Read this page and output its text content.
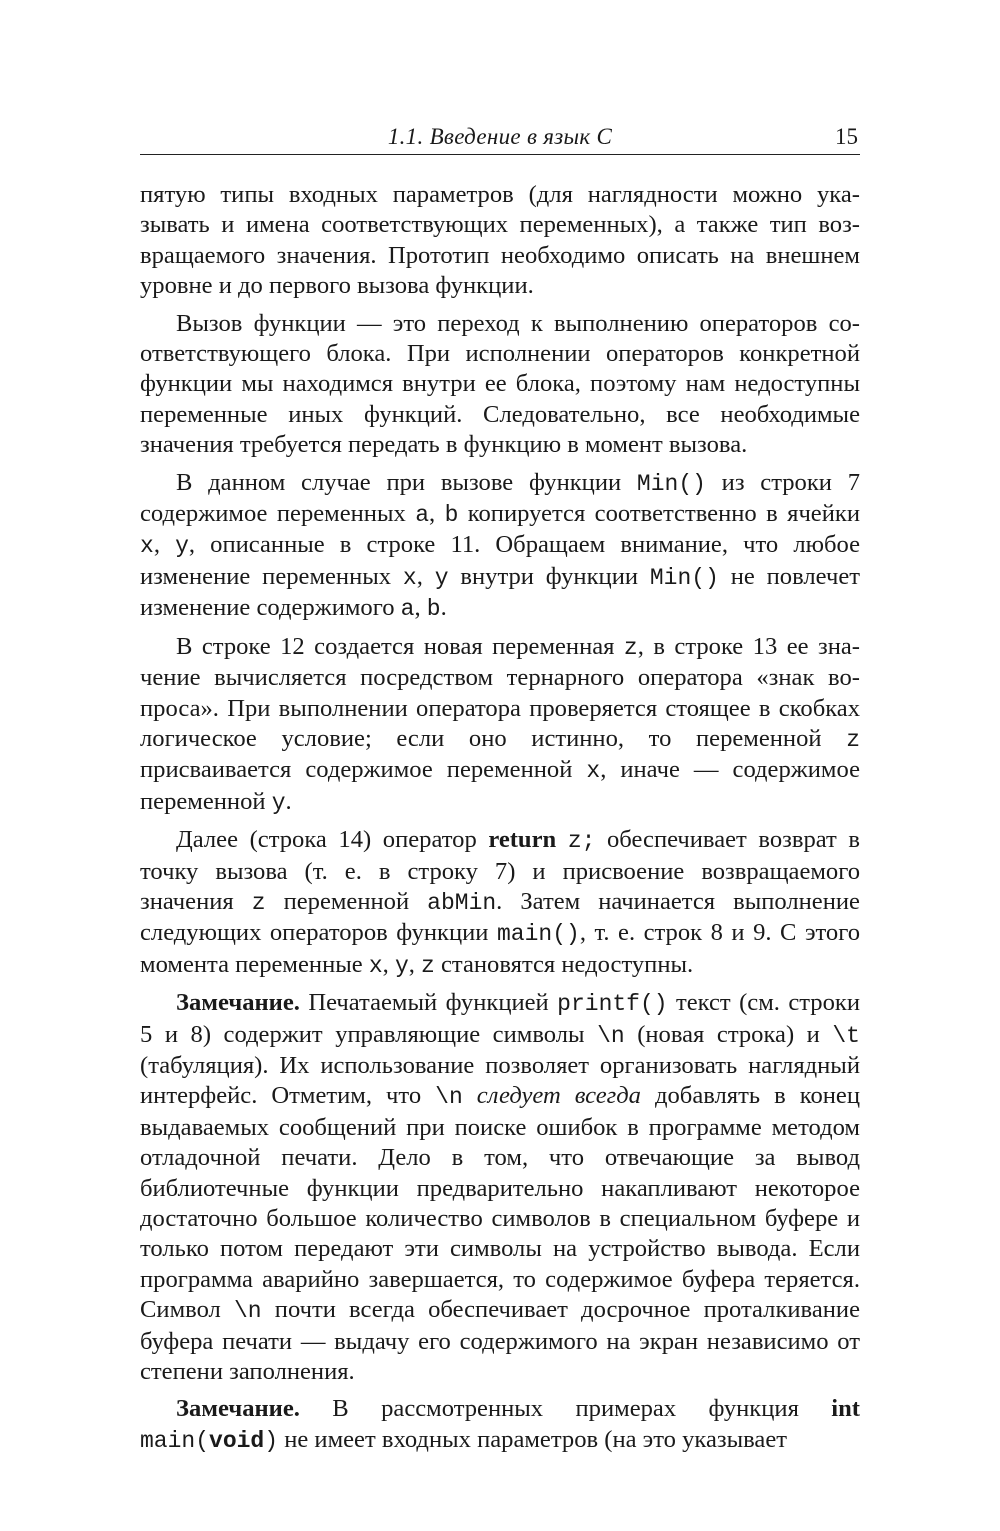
1.1. Введение в язык С	15

пятую типы входных параметров (для наглядности можно указывать и имена соответствующих переменных), а также тип возвращаемого значения. Прототип необходимо описать на внешнем уровне и до первого вызова функции.

Вызов функции — это переход к выполнению операторов соответствующего блока. При исполнении операторов конкретной функции мы находимся внутри ее блока, поэтому нам недоступны переменные иных функций. Следовательно, все необходимые значения требуется передать в функцию в момент вызова.

В данном случае при вызове функции Min() из строки 7 содержимое переменных a, b копируется соответственно в ячейки x, y, описанные в строке 11. Обращаем внимание, что любое изменение переменных x, y внутри функции Min() не повлечет изменение содержимого a, b.

В строке 12 создается новая переменная z, в строке 13 ее значение вычисляется посредством тернарного оператора «знак вопроса». При выполнении оператора проверяется стоящее в скобках логическое условие; если оно истинно, то переменной z присваивается содержимое переменной x, иначе — содержимое переменной y.

Далее (строка 14) оператор return z; обеспечивает возврат в точку вызова (т. е. в строку 7) и присвоение возвращаемого значения z переменной abMin. Затем начинается выполнение следующих операторов функции main(), т. е. строк 8 и 9. С этого момента переменные x, y, z становятся недоступны.

Замечание. Печатаемый функцией printf() текст (см. строки 5 и 8) содержит управляющие символы \n (новая строка) и \t (табуляция). Их использование позволяет организовать наглядный интерфейс. Отметим, что \n следует всегда добавлять в конец выдаваемых сообщений при поиске ошибок в программе методом отладочной печати. Дело в том, что отвечающие за вывод библиотечные функции предварительно накапливают некоторое достаточно большое количество символов в специальном буфере и только потом передают эти символы на устройство вывода. Если программа аварийно завершается, то содержимое буфера теряется. Символ \n почти всегда обеспечивает досрочное проталкивание буфера печати — выдачу его содержимого на экран независимо от степени заполнения.

Замечание. В рассмотренных примерах функция int main(void) не имеет входных параметров (на это указывает
